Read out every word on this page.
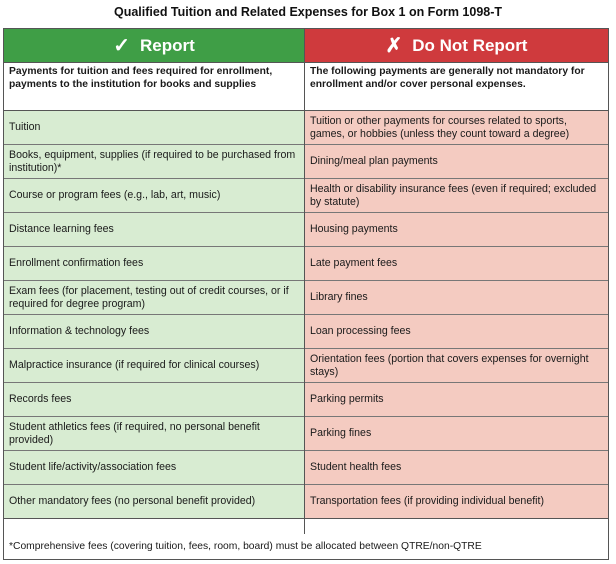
Qualified Tuition and Related Expenses for Box 1 on Form 1098-T
✓ Report
Payments for tuition and fees required for enrollment, payments to the institution for books and supplies
Tuition
Books, equipment, supplies (if required to be purchased from institution)*
Course or program fees (e.g., lab, art, music)
Distance learning fees
Enrollment confirmation fees
Exam fees (for placement, testing out of credit courses, or if required for degree program)
Information & technology fees
Malpractice insurance (if required for clinical courses)
Records fees
Student athletics fees (if required, no personal benefit provided)
Student life/activity/association fees
Other mandatory fees (no personal benefit provided)
✗ Do Not Report
The following payments are generally not mandatory for enrollment and/or cover personal expenses.
Tuition or other payments for courses related to sports, games, or hobbies (unless they count toward a degree)
Dining/meal plan payments
Health or disability insurance fees (even if required; excluded by statute)
Housing payments
Late payment fees
Library fines
Loan processing fees
Orientation fees (portion that covers expenses for overnight stays)
Parking permits
Parking fines
Student health fees
Transportation fees (if providing individual benefit)
*Comprehensive fees (covering tuition, fees, room, board) must be allocated between QTRE/non-QTRE
